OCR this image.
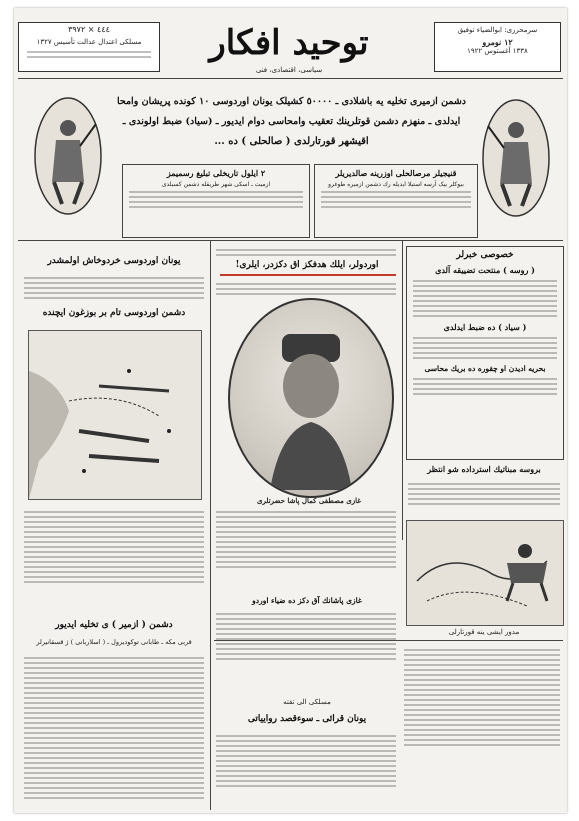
توحید افکار
سیاسی، اقتصادی، فنی
سرمحرری: ابوالضیاء توفیق
١٢ نومرو
١٣٣٨ آغستوس ١٩٢٢
٤٤٤ × ٣٩٧٢
مسلکی اعتدال عدالت تأسیس ١٣٢٧
دشمن ازمیری تخلیه یه باشلادی ـ ٥٠٠٠٠ کشیلک یونان اوردوسی ١٠ کونده پریشان وامحا
ایدلدی ـ منهزم دشمن قوتلرینك تعقیب وامحاسی دوام ایدیور ـ (سیاد) ضبط اولوندی ـ
اقیشهر قورتارلدی ( صالحلی ) ده ...
قنیجیلر مرصالحلی اوزرینه صالدیریلر
بیوکلر بیک آرسه استیلا ایدیله رك دشمن ازمیره طوغرو
٢ ایلول تاریخلی تبلیغ رسمیمز
ازمیت ـ اسکی شهر طریقله دشمن کسیلدی
یونان اوردوسی خردوخاش اولمشدر
دشمن اوردوسی تام بر بوزغون ایچنده
دشمن ( ازمیر ) ی تخلیه ایدیور
قربی مکه ـ طابانی توکودیرول ـ ( اسلاربانی ) ژ قسقانیرلر
اوردولر، ایلك هدفکز آق دکزدر، ایلری!
غازی مصطفی کمال پاشا حضرتلری
غازی پاشانك آق دکز ده ضیاء اوردو
مسلکی الی تفته
یونان قرائی ـ سوءقصد رواییاتی
خصوصی خبرلر
( روسه ) منتحت تضییقه آلدی
( سیاد ) ده ضبط ایدلدی
بحریه ادیدن او چقوره ده بریك محاسی
بروسه مبناتیك استرداده شو انتظر
مدور ایشی ینه قورتارلی
